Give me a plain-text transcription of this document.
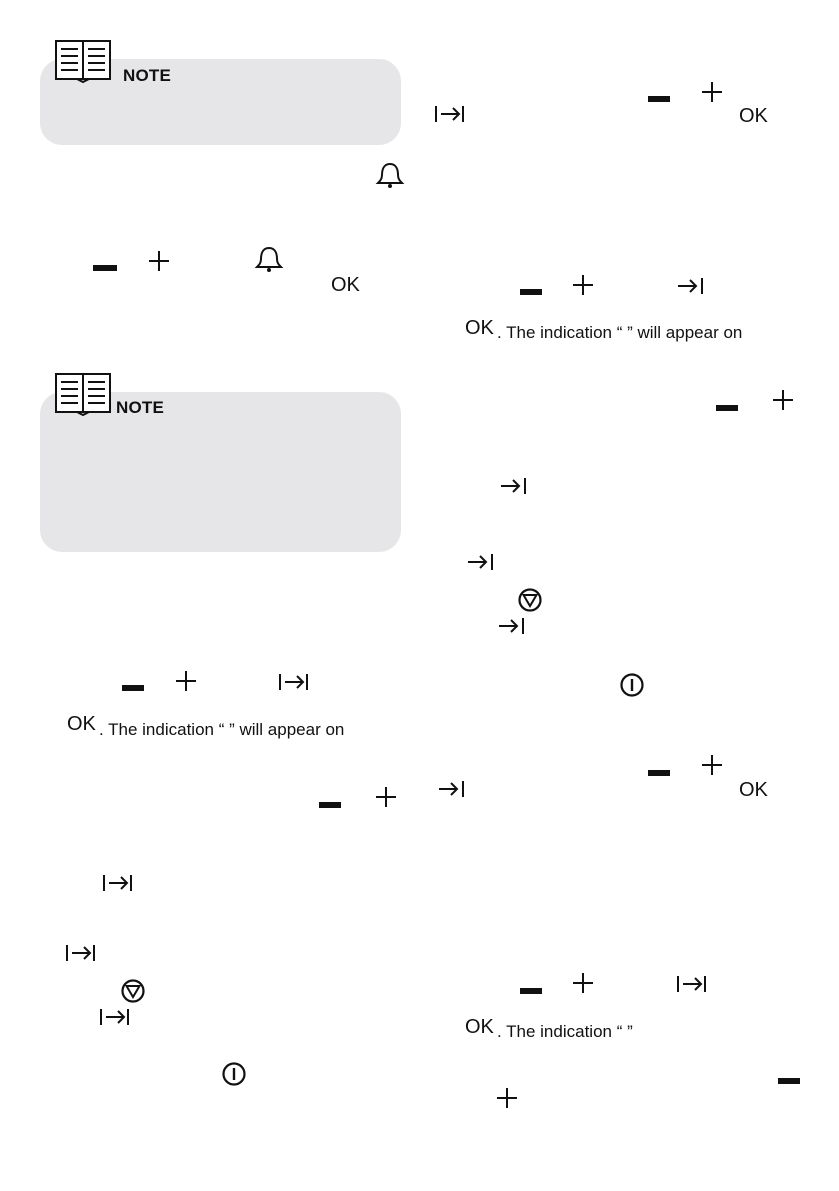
NOTE
OK
NOTE
OK . The indication “ ” will appear on
OK
OK . The indication “ ” will appear on
OK
OK . The indication “ ”
